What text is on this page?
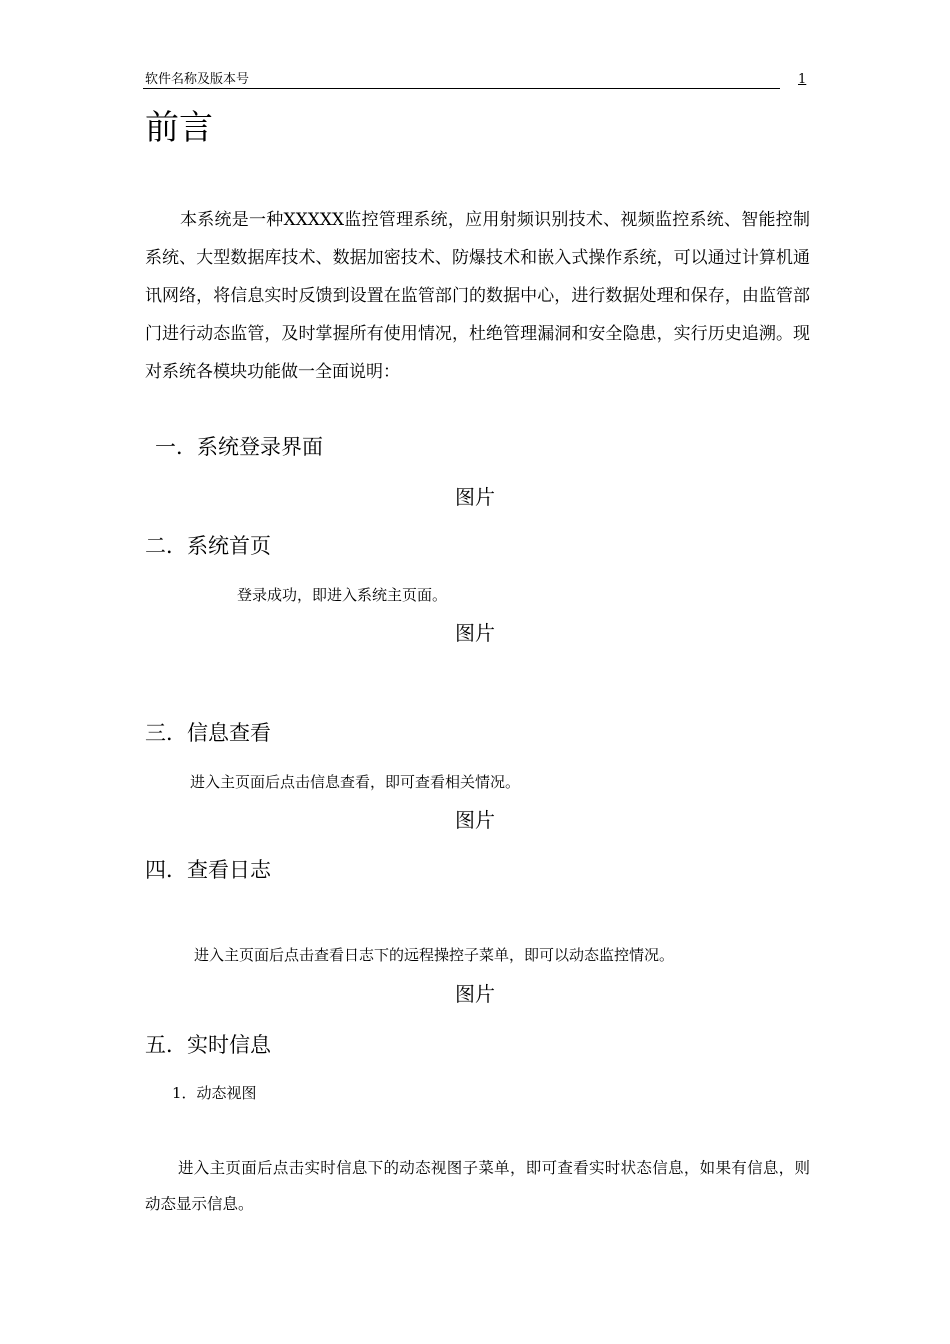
软件名称及版本号	1
前言

本系统是一种XXXXX监控管理系统，应用射频识别技术、视频监控系统、智能控制系统、大型数据库技术、数据加密技术、防爆技术和嵌入式操作系统，可以通过计算机通讯网络，将信息实时反馈到设置在监管部门的数据中心，进行数据处理和保存，由监管部门进行动态监管，及时掌握所有使用情况，杜绝管理漏洞和安全隐患，实行历史追溯。现对系统各模块功能做一全面说明：

一．系统登录界面
图片
二．系统首页
登录成功，即进入系统主页面。
图片
三．信息查看
进入主页面后点击信息查看，即可查看相关情况。
图片
四．查看日志
进入主页面后点击查看日志下的远程操控子菜单，即可以动态监控情况。
图片
五．实时信息
1．动态视图

进入主页面后点击实时信息下的动态视图子菜单，即可查看实时状态信息，如果有信息，则动态显示信息。
